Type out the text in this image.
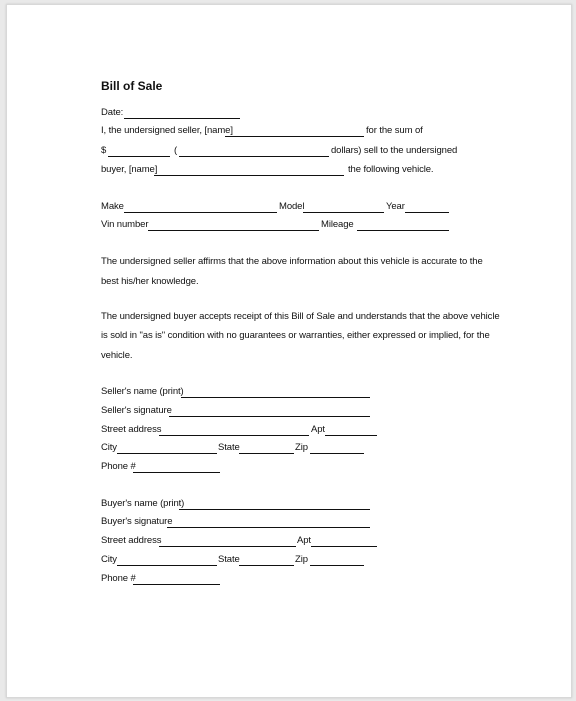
Bill of Sale
Date:
I, the undersigned seller, [name]	for the sum of
$	(	dollars) sell to the undersigned
buyer, [name]	the following vehicle.
Make	Model	Year
Vin number	Mileage
The undersigned seller affirms that the above information about this vehicle is accurate to the
best his/her knowledge.
The undersigned buyer accepts receipt of this Bill of Sale and understands that the above vehicle
is sold in "as is" condition with no guarantees or warranties, either expressed or implied, for the
vehicle.
Seller's name (print)
Seller's signature
Street address	Apt
City	State	Zip
Phone #
Buyer's name (print)
Buyer's signature
Street address	Apt
City	State	Zip
Phone #
